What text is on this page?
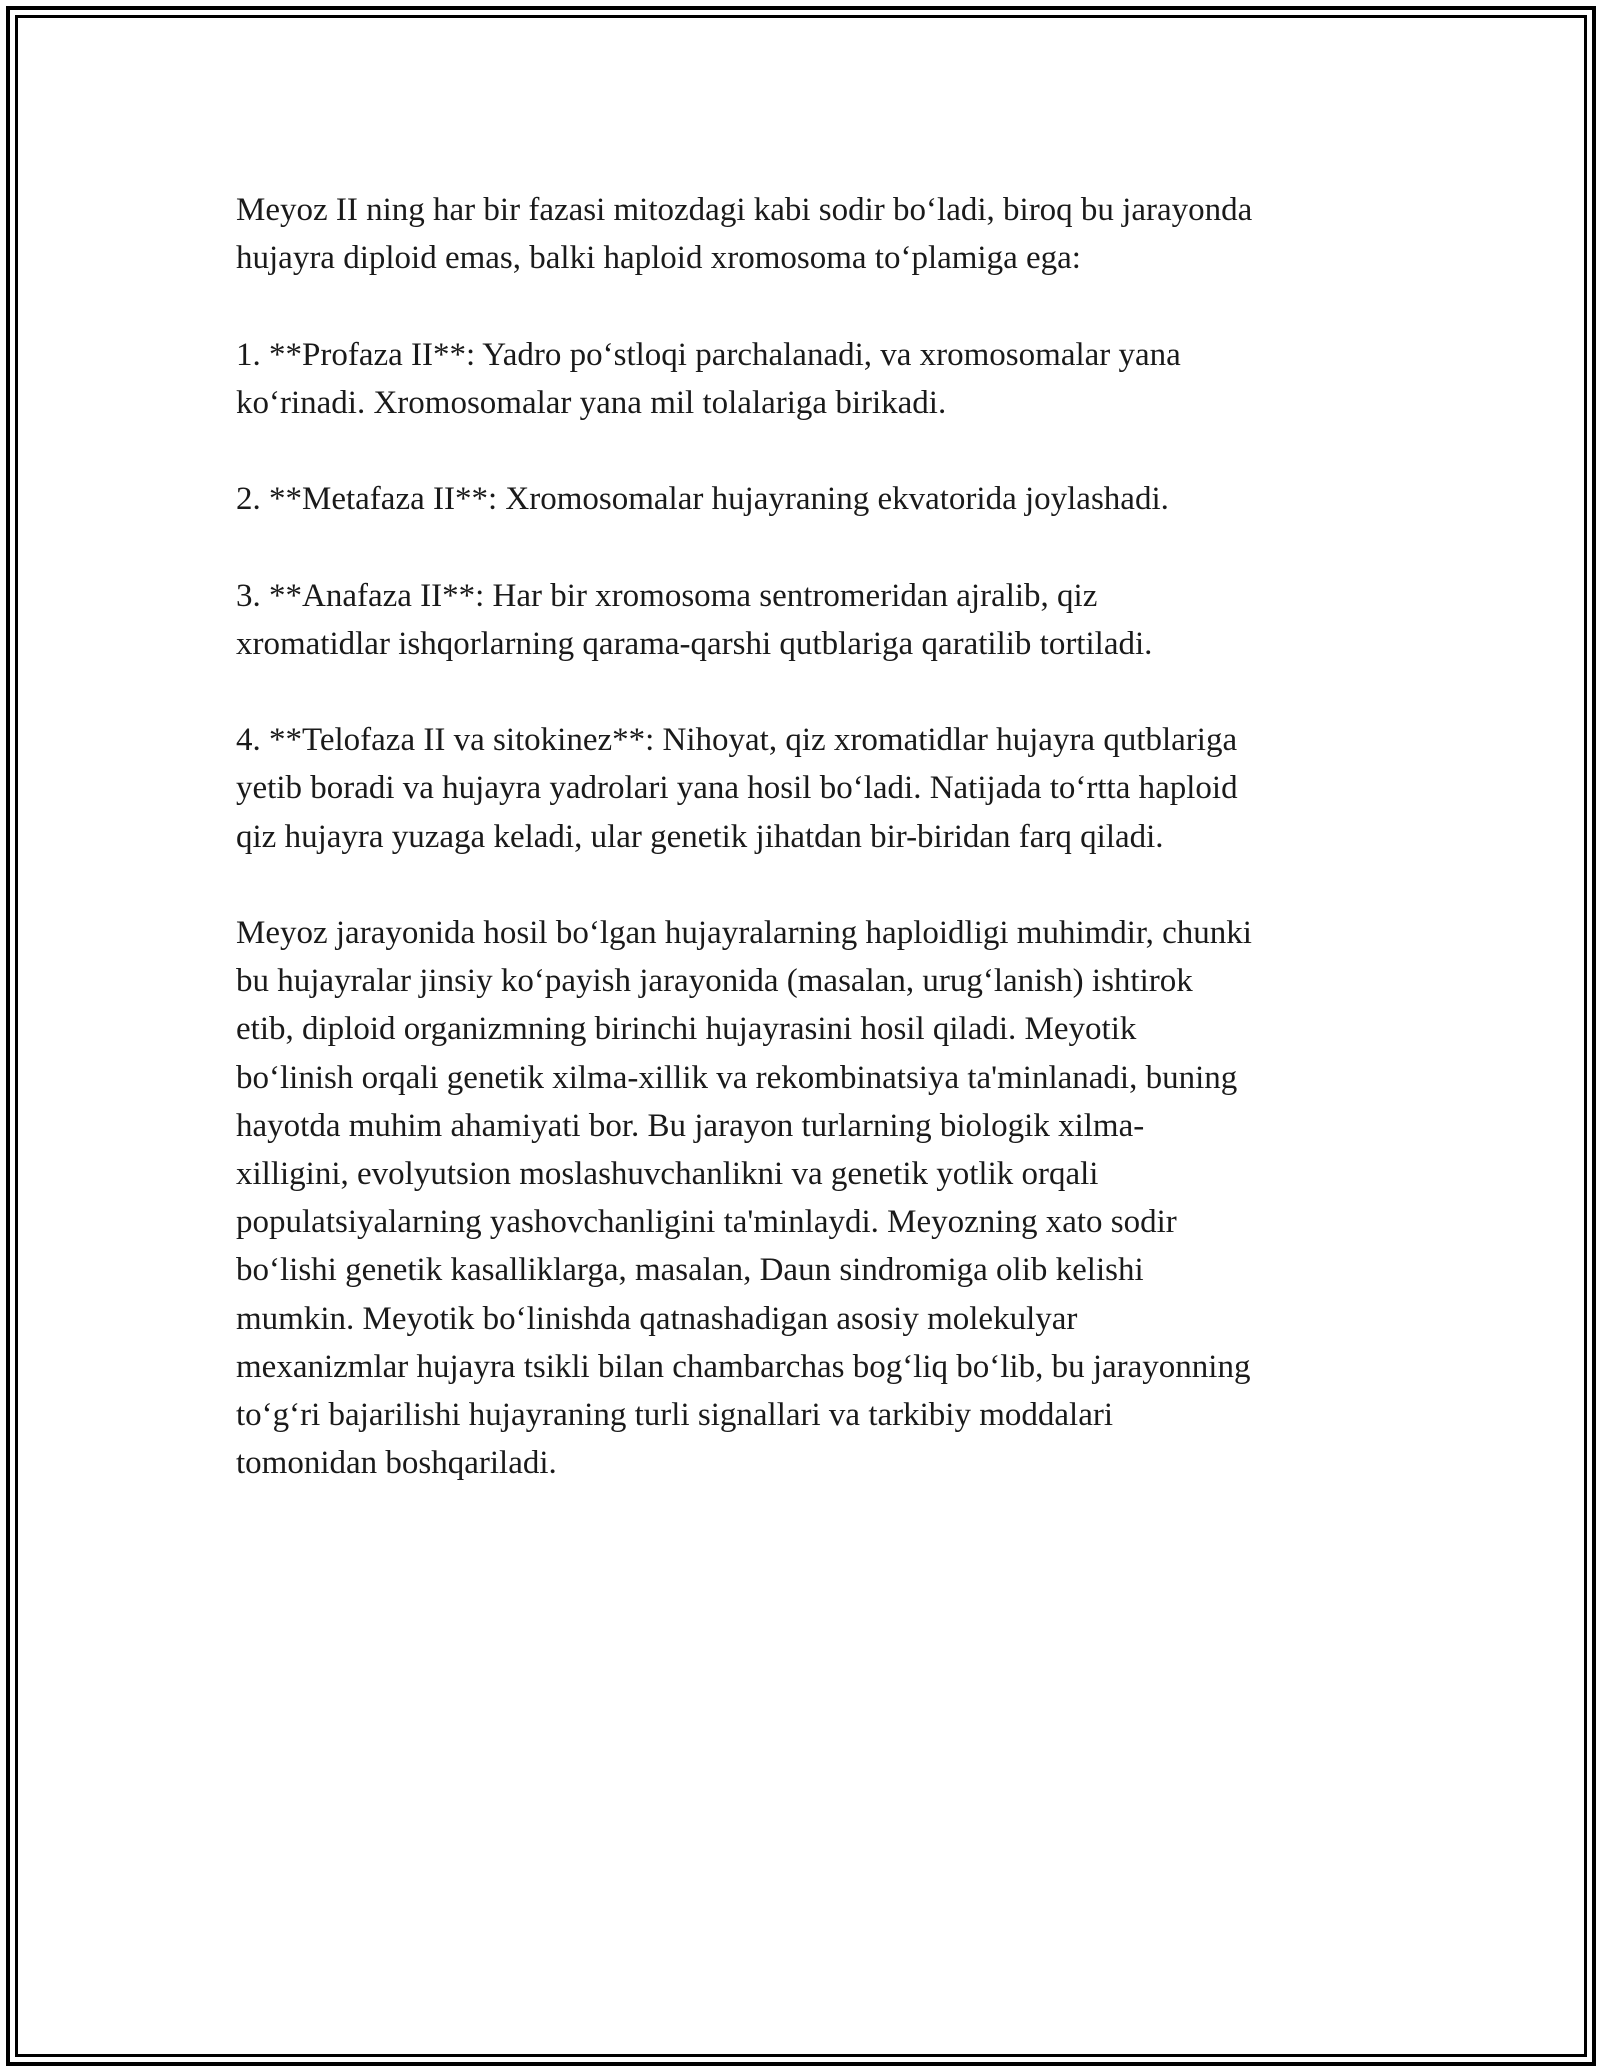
Meyoz II ning har bir fazasi mitozdagi kabi sodir bo‘ladi, biroq bu jarayonda
hujayra diploid emas, balki haploid xromosoma to‘plamiga ega:

1. **Profaza II**: Yadro po‘stloqi parchalanadi, va xromosomalar yana
ko‘rinadi. Xromosomalar yana mil tolalariga birikadi.

2. **Metafaza II**: Xromosomalar hujayraning ekvatorida joylashadi.

3. **Anafaza II**: Har bir xromosoma sentromeridan ajralib, qiz
xromatidlar ishqorlarning qarama-qarshi qutblariga qaratilib tortiladi.

4. **Telofaza II va sitokinez**: Nihoyat, qiz xromatidlar hujayra qutblariga
yetib boradi va hujayra yadrolari yana hosil bo‘ladi. Natijada to‘rtta haploid
qiz hujayra yuzaga keladi, ular genetik jihatdan bir-biridan farq qiladi.

Meyoz jarayonida hosil bo‘lgan hujayralarning haploidligi muhimdir, chunki
bu hujayralar jinsiy ko‘payish jarayonida (masalan, urug‘lanish) ishtirok
etib, diploid organizmning birinchi hujayrasini hosil qiladi. Meyotik
bo‘linish orqali genetik xilma-xillik va rekombinatsiya ta'minlanadi, buning
hayotda muhim ahamiyati bor. Bu jarayon turlarning biologik xilma-
xilligini, evolyutsion moslashuvchanlikni va genetik yotlik orqali
populatsiyalarning yashovchanligini ta'minlaydi. Meyozning xato sodir
bo‘lishi genetik kasalliklarga, masalan, Daun sindromiga olib kelishi
mumkin. Meyotik bo‘linishda qatnashadigan asosiy molekulyar
mexanizmlar hujayra tsikli bilan chambarchas bog‘liq bo‘lib, bu jarayonning
to‘g‘ri bajarilishi hujayraning turli signallari va tarkibiy moddalari
tomonidan boshqariladi.
